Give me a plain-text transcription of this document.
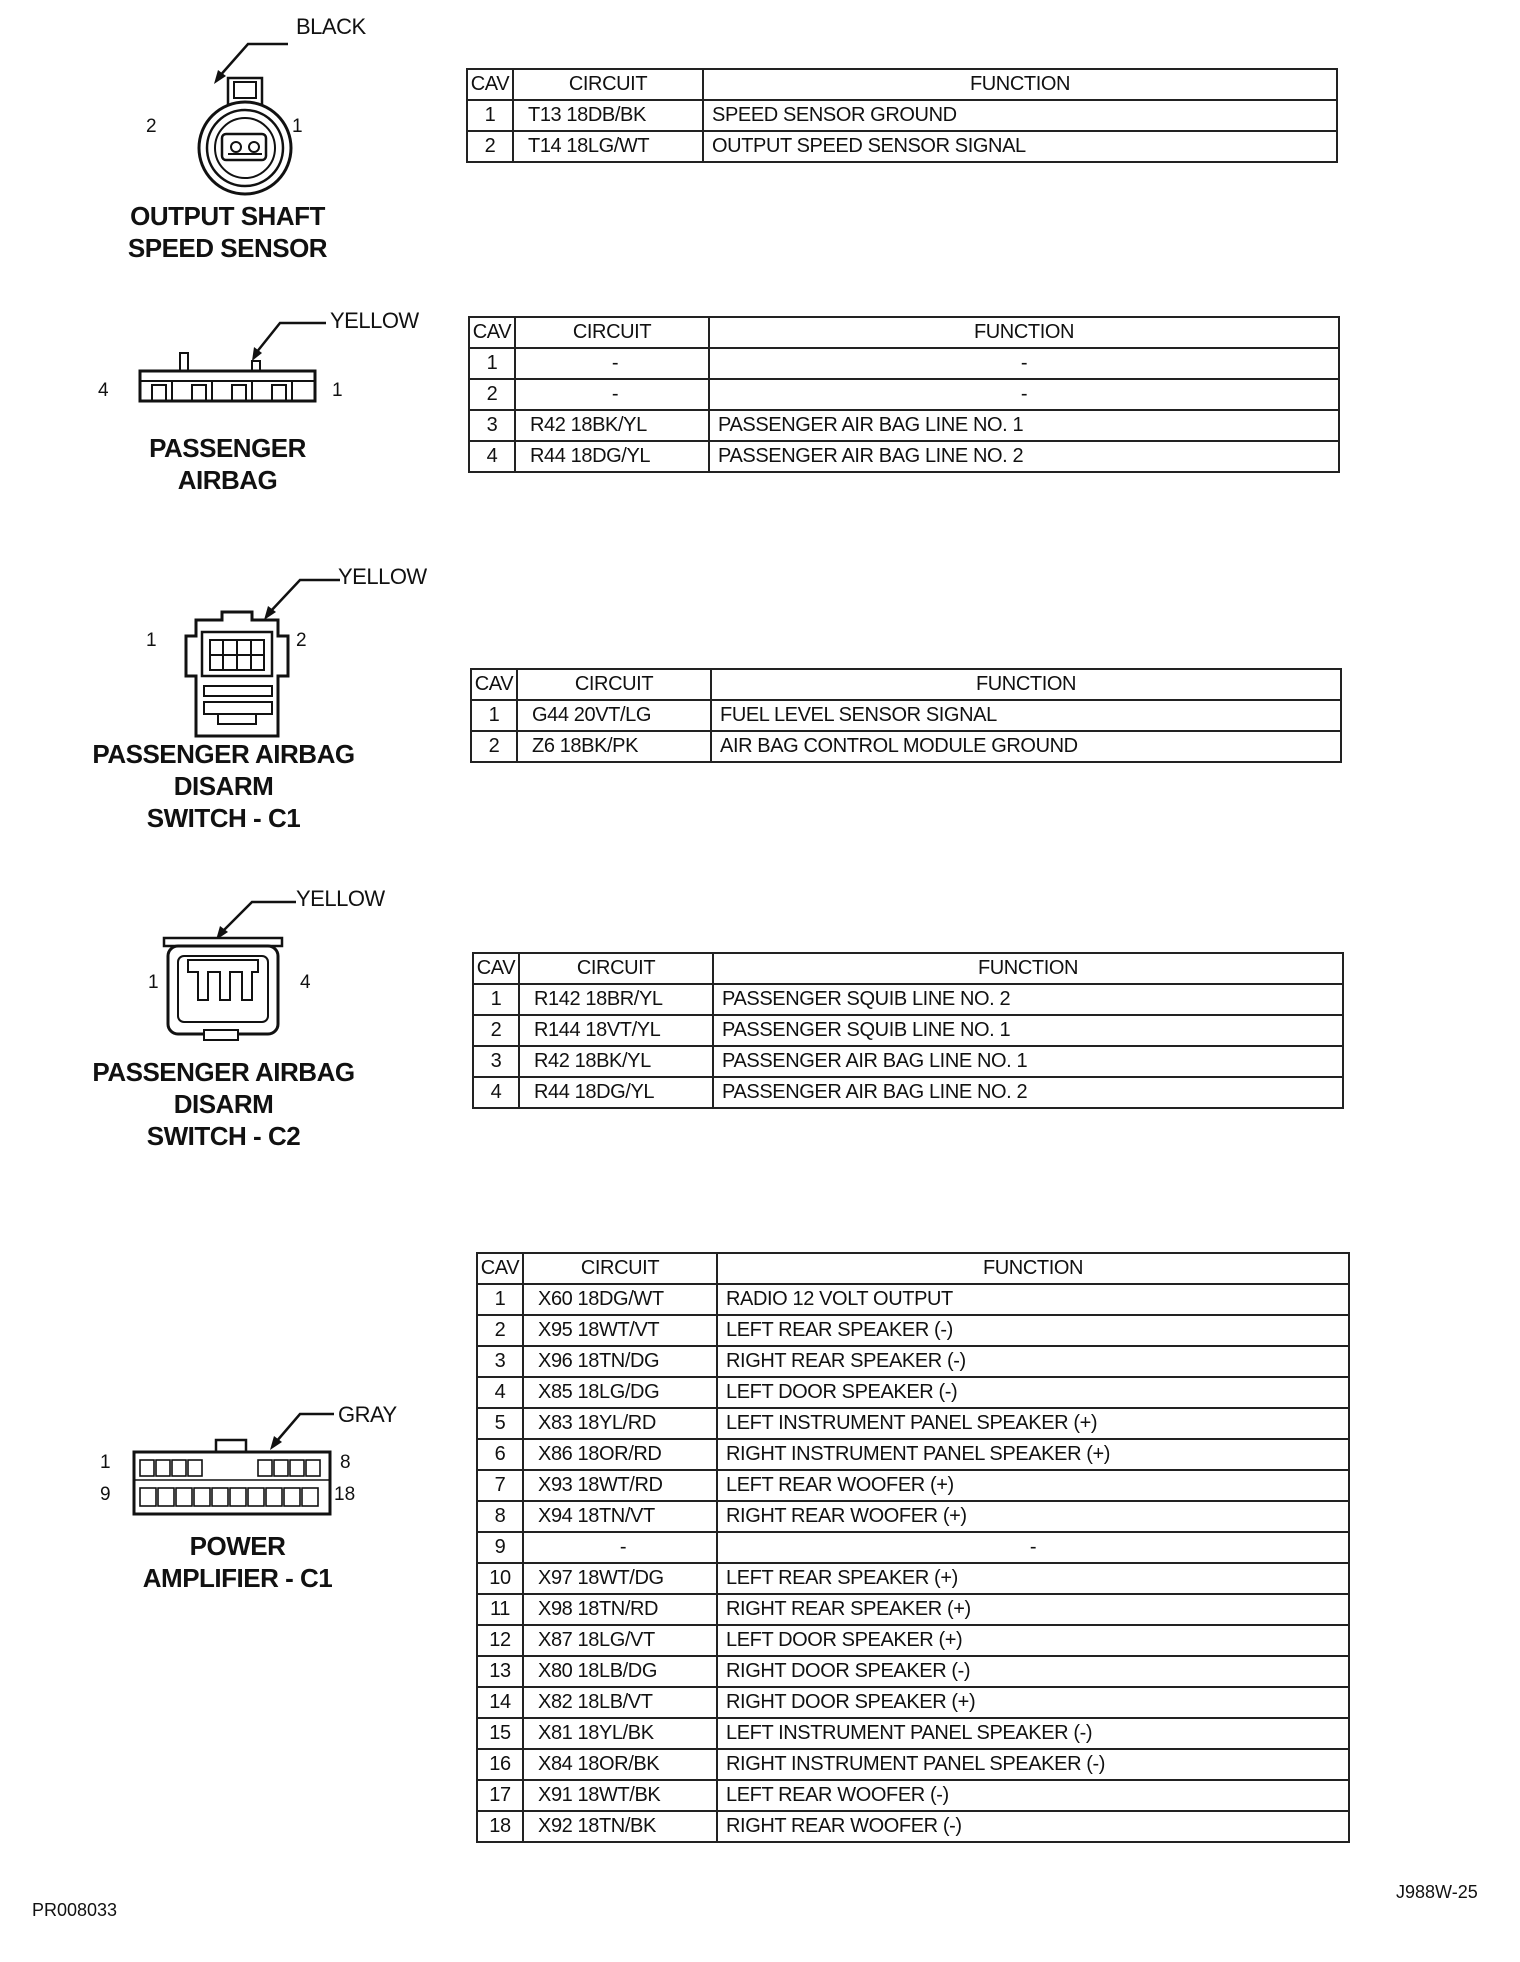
BLACK
2	1
OUTPUT SHAFT
SPEED SENSOR
CAV	CIRCUIT	FUNCTION
1	T13 18DB/BK	SPEED SENSOR GROUND
2	T14 18LG/WT	OUTPUT SPEED SENSOR SIGNAL
YELLOW
4	1
PASSENGER
AIRBAG
CAV	CIRCUIT	FUNCTION
1	-	-
2	-	-
3	R42 18BK/YL	PASSENGER AIR BAG LINE NO. 1
4	R44 18DG/YL	PASSENGER AIR BAG LINE NO. 2
YELLOW
1	2
PASSENGER AIRBAG
DISARM
SWITCH - C1
CAV	CIRCUIT	FUNCTION
1	G44 20VT/LG	FUEL LEVEL SENSOR SIGNAL
2	Z6 18BK/PK	AIR BAG CONTROL MODULE GROUND
YELLOW
1	4
PASSENGER AIRBAG
DISARM
SWITCH - C2
CAV	CIRCUIT	FUNCTION
1	R142 18BR/YL	PASSENGER SQUIB LINE NO. 2
2	R144 18VT/YL	PASSENGER SQUIB LINE NO. 1
3	R42 18BK/YL	PASSENGER AIR BAG LINE NO. 1
4	R44 18DG/YL	PASSENGER AIR BAG LINE NO. 2
GRAY
1	8
9	18
POWER
AMPLIFIER - C1
CAV	CIRCUIT	FUNCTION
1	X60 18DG/WT	RADIO 12 VOLT OUTPUT
2	X95 18WT/VT	LEFT REAR SPEAKER (-)
3	X96 18TN/DG	RIGHT REAR SPEAKER (-)
4	X85 18LG/DG	LEFT DOOR SPEAKER (-)
5	X83 18YL/RD	LEFT INSTRUMENT PANEL SPEAKER (+)
6	X86 18OR/RD	RIGHT INSTRUMENT PANEL SPEAKER (+)
7	X93 18WT/RD	LEFT REAR WOOFER (+)
8	X94 18TN/VT	RIGHT REAR WOOFER (+)
9	-	-
10	X97 18WT/DG	LEFT REAR SPEAKER (+)
11	X98 18TN/RD	RIGHT REAR SPEAKER (+)
12	X87 18LG/VT	LEFT DOOR SPEAKER (+)
13	X80 18LB/DG	RIGHT DOOR SPEAKER (-)
14	X82 18LB/VT	RIGHT DOOR SPEAKER (+)
15	X81 18YL/BK	LEFT INSTRUMENT PANEL SPEAKER (-)
16	X84 18OR/BK	RIGHT INSTRUMENT PANEL SPEAKER (-)
17	X91 18WT/BK	LEFT REAR WOOFER (-)
18	X92 18TN/BK	RIGHT REAR WOOFER (-)
PR008033
J988W-25
